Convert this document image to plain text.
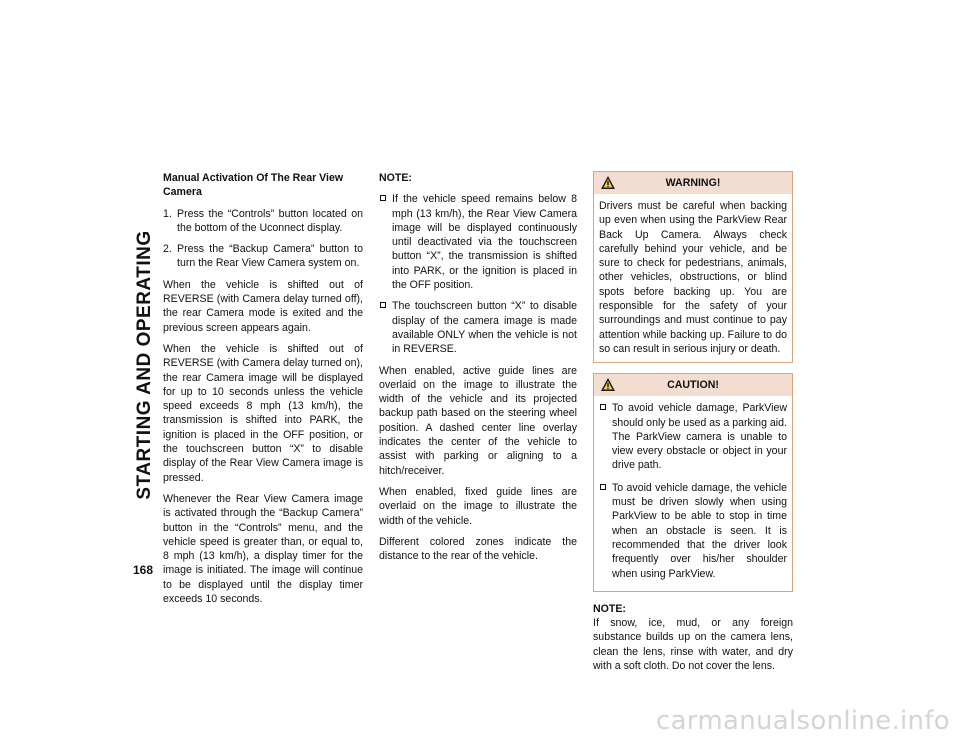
STARTING AND OPERATING
168
Manual Activation Of The Rear View Camera
1. Press the “Controls” button located on the bottom of the Uconnect display.
2. Press the “Backup Camera” button to turn the Rear View Camera system on.

When the vehicle is shifted out of REVERSE (with Camera delay turned off), the rear Camera mode is exited and the previous screen appears again.

When the vehicle is shifted out of REVERSE (with Camera delay turned on), the rear Camera image will be displayed for up to 10 seconds unless the vehicle speed exceeds 8 mph (13 km/h), the transmission is shifted into PARK, the ignition is placed in the OFF position, or the touchscreen button “X” to disable display of the Rear View Camera image is pressed.

Whenever the Rear View Camera image is activated through the “Backup Camera” button in the “Controls” menu, and the vehicle speed is greater than, or equal to, 8 mph (13 km/h), a display timer for the image is initiated. The image will continue to be displayed until the display timer exceeds 10 seconds.

NOTE:
If the vehicle speed remains below 8 mph (13 km/h), the Rear View Camera image will be displayed continuously until deactivated via the touchscreen button “X”, the transmission is shifted into PARK, or the ignition is placed in the OFF position.
The touchscreen button “X” to disable display of the camera image is made available ONLY when the vehicle is not in REVERSE.

When enabled, active guide lines are overlaid on the image to illustrate the width of the vehicle and its projected backup path based on the steering wheel position. A dashed center line overlay indicates the center of the vehicle to assist with parking or aligning to a hitch/receiver.

When enabled, fixed guide lines are overlaid on the image to illustrate the width of the vehicle.

Different colored zones indicate the distance to the rear of the vehicle.

WARNING!

Drivers must be careful when backing up even when using the ParkView Rear Back Up Camera. Always check carefully behind your vehicle, and be sure to check for pedestrians, animals, other vehicles, obstructions, or blind spots before backing up. You are responsible for the safety of your surroundings and must continue to pay attention while backing up. Failure to do so can result in serious injury or death.

CAUTION!
To avoid vehicle damage, ParkView should only be used as a parking aid. The ParkView camera is unable to view every obstacle or object in your drive path.
To avoid vehicle damage, the vehicle must be driven slowly when using ParkView to be able to stop in time when an obstacle is seen. It is recommended that the driver look frequently over his/her shoulder when using ParkView.
NOTE:

If snow, ice, mud, or any foreign substance builds up on the camera lens, clean the lens, rinse with water, and dry with a soft cloth. Do not cover the lens.

carmanualsonline.info
